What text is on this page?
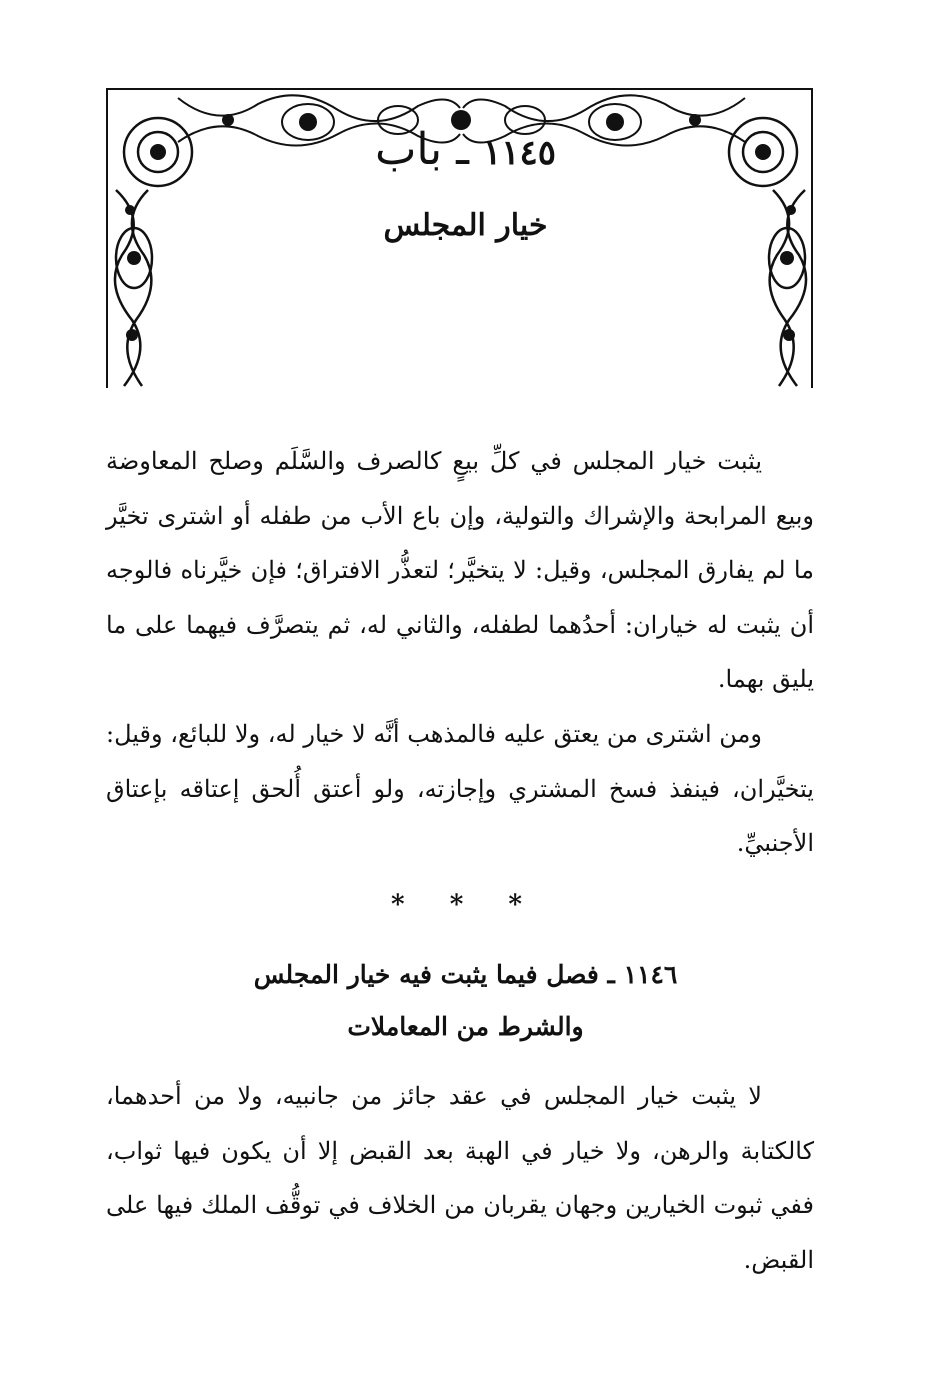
١١٤٥ ـ باب
خيار المجلس

يثبت خيار المجلس في كلِّ بيعٍ كالصرف والسَّلَم وصلح المعاوضة وبيع المرابحة والإشراك والتولية، وإن باع الأب من طفله أو اشترى تخيَّر ما لم يفارق المجلس، وقيل: لا يتخيَّر؛ لتعذُّر الافتراق؛ فإن خيَّرناه فالوجه أن يثبت له خياران: أحدُهما لطفله، والثاني له، ثم يتصرَّف فيهما على ما يليق بهما.

ومن اشترى من يعتق عليه فالمذهب أنَّه لا خيار له، ولا للبائع، وقيل: يتخيَّران، فينفذ فسخ المشتري وإجازته، ولو أعتق أُلحق إعتاقه بإعتاق الأجنبيِّ.

* * *
١١٤٦ ـ فصل فيما يثبت فيه خيار المجلس
والشرط من المعاملات

لا يثبت خيار المجلس في عقد جائز من جانبيه، ولا من أحدهما، كالكتابة والرهن، ولا خيار في الهبة بعد القبض إلا أن يكون فيها ثواب، ففي ثبوت الخيارين وجهان يقربان من الخلاف في توقُّف الملك فيها على القبض.
